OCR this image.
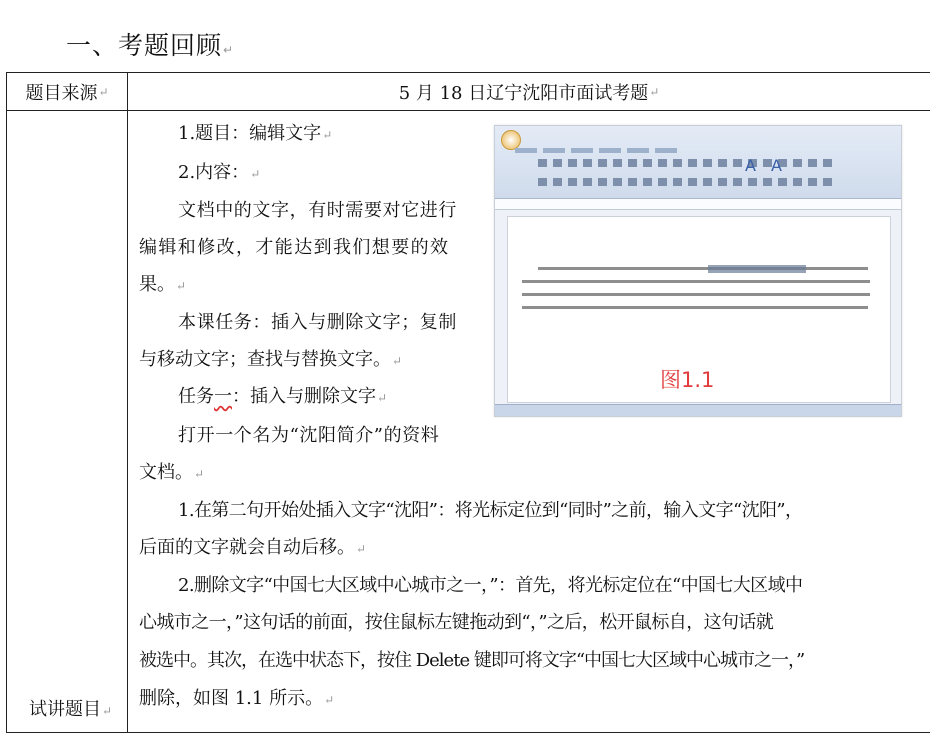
一、考题回顾↵
题目来源 ↵	5 月 18 日辽宁沈阳市面试考题 ↵
试讲题目↵
1.题目：编辑文字↵
2.内容：↵
文档中的文字，有时需要对它进行
编辑和修改，才能达到我们想要的效
果。↵
本课任务：插入与删除文字；复制
与移动文字；查找与替换文字。↵
任务一：插入与删除文字↵
打开一个名为“沈阳简介”的资料
文档。↵
1.在第二句开始处插入文字“沈阳”：将光标定位到“同时”之前，输入文字“沈阳”，
后面的文字就会自动后移。↵
2.删除文字“中国七大区域中心城市之一，”：首先，将光标定位在“中国七大区域中
心城市之一，”这句话的前面，按住鼠标左键拖动到“，”之后，松开鼠标自，这句话就
被选中。其次，在选中状态下，按住 Delete 键即可将文字“中国七大区域中心城市之一，”
删除，如图 1.1 所示。↵

A A
图1.1
